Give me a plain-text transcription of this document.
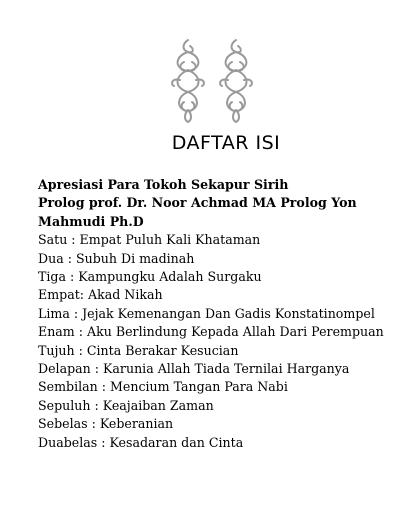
DAFTAR ISI
Apresiasi Para Tokoh Sekapur Sirih
Prolog prof. Dr. Noor Achmad MA Prolog Yon Mahmudi Ph.D
Satu : Empat Puluh Kali Khataman
Dua : Subuh Di madinah
Tiga : Kampungku Adalah Surgaku
Empat: Akad Nikah
Lima : Jejak Kemenangan Dan Gadis Konstatinompel
Enam : Aku Berlindung Kepada Allah Dari Perempuan
Tujuh : Cinta Berakar Kesucian
Delapan : Karunia Allah Tiada Ternilai Harganya
Sembilan : Mencium Tangan Para Nabi
Sepuluh : Keajaiban Zaman
Sebelas : Keberanian
Duabelas : Kesadaran dan Cinta
